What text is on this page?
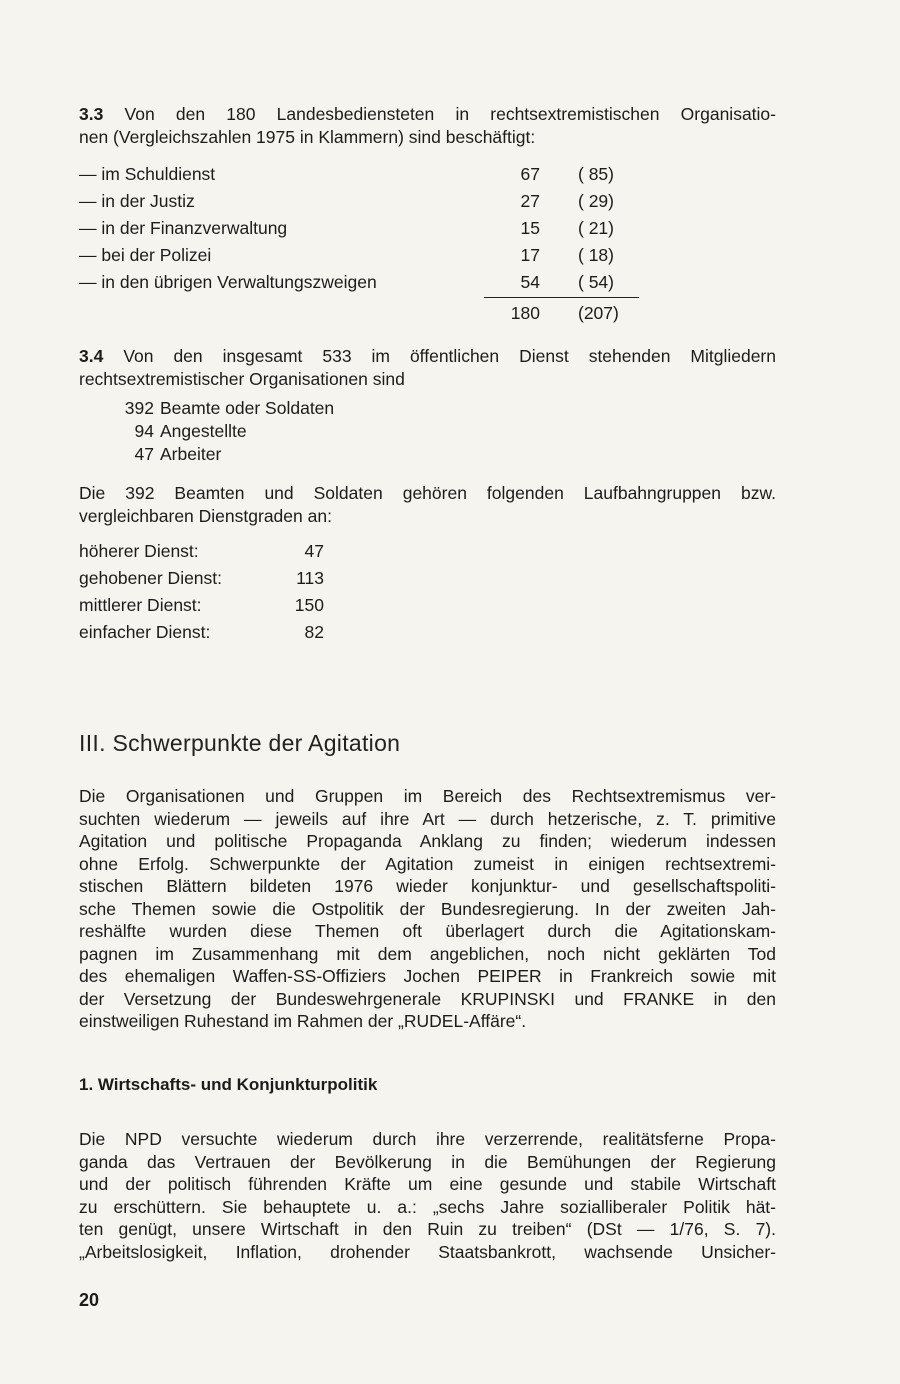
3.3 Von den 180 Landesbediensteten in rechtsextremistischen Organisatio-
nen (Vergleichszahlen 1975 in Klammern) sind beschäftigt:
— im Schuldienst	67 ( 85)
— in der Justiz	27 ( 29)
— in der Finanzverwaltung	15 ( 21)
— bei der Polizei	17 ( 18)
— in den übrigen Verwaltungszweigen	54 ( 54)
180 (207)
3.4 Von den insgesamt 533 im öffentlichen Dienst stehenden Mitgliedern
rechtsextremistischer Organisationen sind
392 Beamte oder Soldaten
94 Angestellte
47 Arbeiter
Die 392 Beamten und Soldaten gehören folgenden Laufbahngruppen bzw.
vergleichbaren Dienstgraden an:
höherer Dienst:	47
gehobener Dienst:	113
mittlerer Dienst:	150
einfacher Dienst:	82
III. Schwerpunkte der Agitation
Die Organisationen und Gruppen im Bereich des Rechtsextremismus ver-
suchten wiederum — jeweils auf ihre Art — durch hetzerische, z. T. primitive
Agitation und politische Propaganda Anklang zu finden; wiederum indessen
ohne Erfolg. Schwerpunkte der Agitation zumeist in einigen rechtsextremi-
stischen Blättern bildeten 1976 wieder konjunktur- und gesellschaftspoliti-
sche Themen sowie die Ostpolitik der Bundesregierung. In der zweiten Jah-
reshälfte wurden diese Themen oft überlagert durch die Agitationskam-
pagnen im Zusammenhang mit dem angeblichen, noch nicht geklärten Tod
des ehemaligen Waffen-SS-Offiziers Jochen PEIPER in Frankreich sowie mit
der Versetzung der Bundeswehrgenerale KRUPINSKI und FRANKE in den
einstweiligen Ruhestand im Rahmen der „RUDEL-Affäre“.
1. Wirtschafts- und Konjunkturpolitik
Die NPD versuchte wiederum durch ihre verzerrende, realitätsferne Propa-
ganda das Vertrauen der Bevölkerung in die Bemühungen der Regierung
und der politisch führenden Kräfte um eine gesunde und stabile Wirtschaft
zu erschüttern. Sie behauptete u. a.: „sechs Jahre sozialliberaler Politik hät-
ten genügt, unsere Wirtschaft in den Ruin zu treiben“ (DSt — 1/76, S. 7).
„Arbeitslosigkeit, Inflation, drohender Staatsbankrott, wachsende Unsicher-
20
